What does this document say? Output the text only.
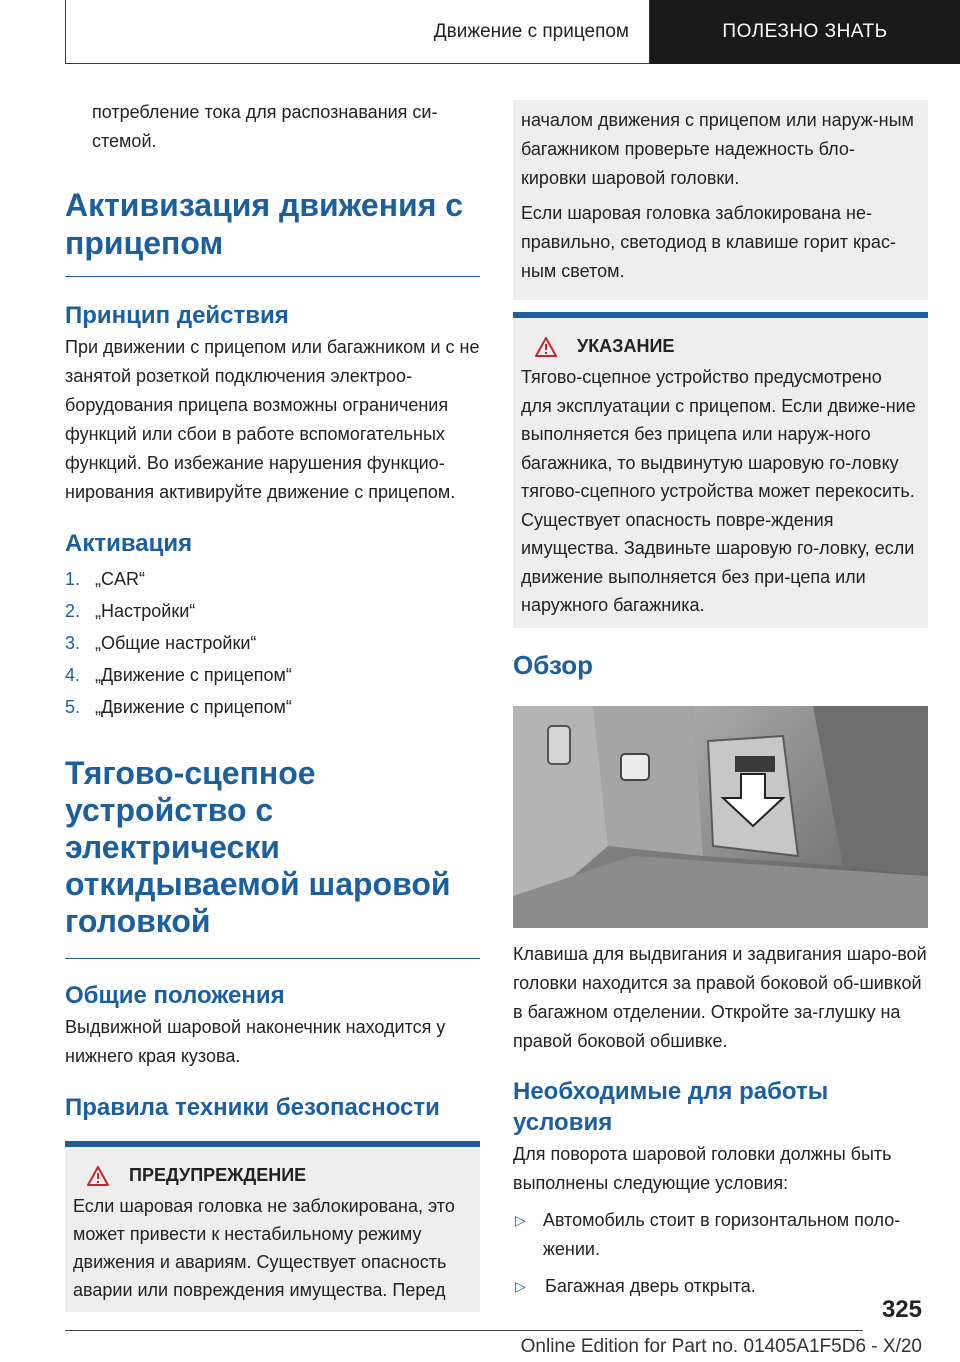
Движение с прицепом	ПОЛЕЗНО ЗНАТЬ

потребление тока для распознавания си-
стемой.

Активизация движения с прицепом
Принцип действия

При движении с прицепом или багажником и с не занятой розеткой подключения электроо-борудования прицепа возможны ограничения функций или сбои в работе вспомогательных функций. Во избежание нарушения функцио-нирования активируйте движение с прицепом.

Активация
1. „CAR“
2. „Настройки“
3. „Общие настройки“
4. „Движение с прицепом“
5. „Движение с прицепом“
Тягово-сцепное устройство с электрически откидываемой шаровой головкой
Общие положения

Выдвижной шаровой наконечник находится у нижнего края кузова.

Правила техники безопасности
ПРЕДУПРЕЖДЕНИЕ

Если шаровая головка не заблокирована, это может привести к нестабильному режиму движения и авариям. Существует опасность аварии или повреждения имущества. Перед

началом движения с прицепом или наруж-ным багажником проверьте надежность бло-кировки шаровой головки.

Если шаровая головка заблокирована не-правильно, светодиод в клавише горит крас-ным светом.

УКАЗАНИЕ

Тягово-сцепное устройство предусмотрено для эксплуатации с прицепом. Если движе-ние выполняется без прицепа или наруж-ного багажника, то выдвинутую шаровую го-ловку тягово-сцепного устройства может перекосить. Существует опасность повре-ждения имущества. Задвиньте шаровую го-ловку, если движение выполняется без при-цепа или наружного багажника.

Обзор

Клавиша для выдвигания и задвигания шаро-вой головки находится за правой боковой об-шивкой в багажном отделении. Откройте за-глушку на правой боковой обшивке.

Необходимые для работы условия

Для поворота шаровой головки должны быть выполнены следующие условия:

▷ Автомобиль стоит в горизонтальном поло-жении.
▷	Багажная дверь открыта.
325
Online Edition for Part no. 01405A1F5D6 - X/20
